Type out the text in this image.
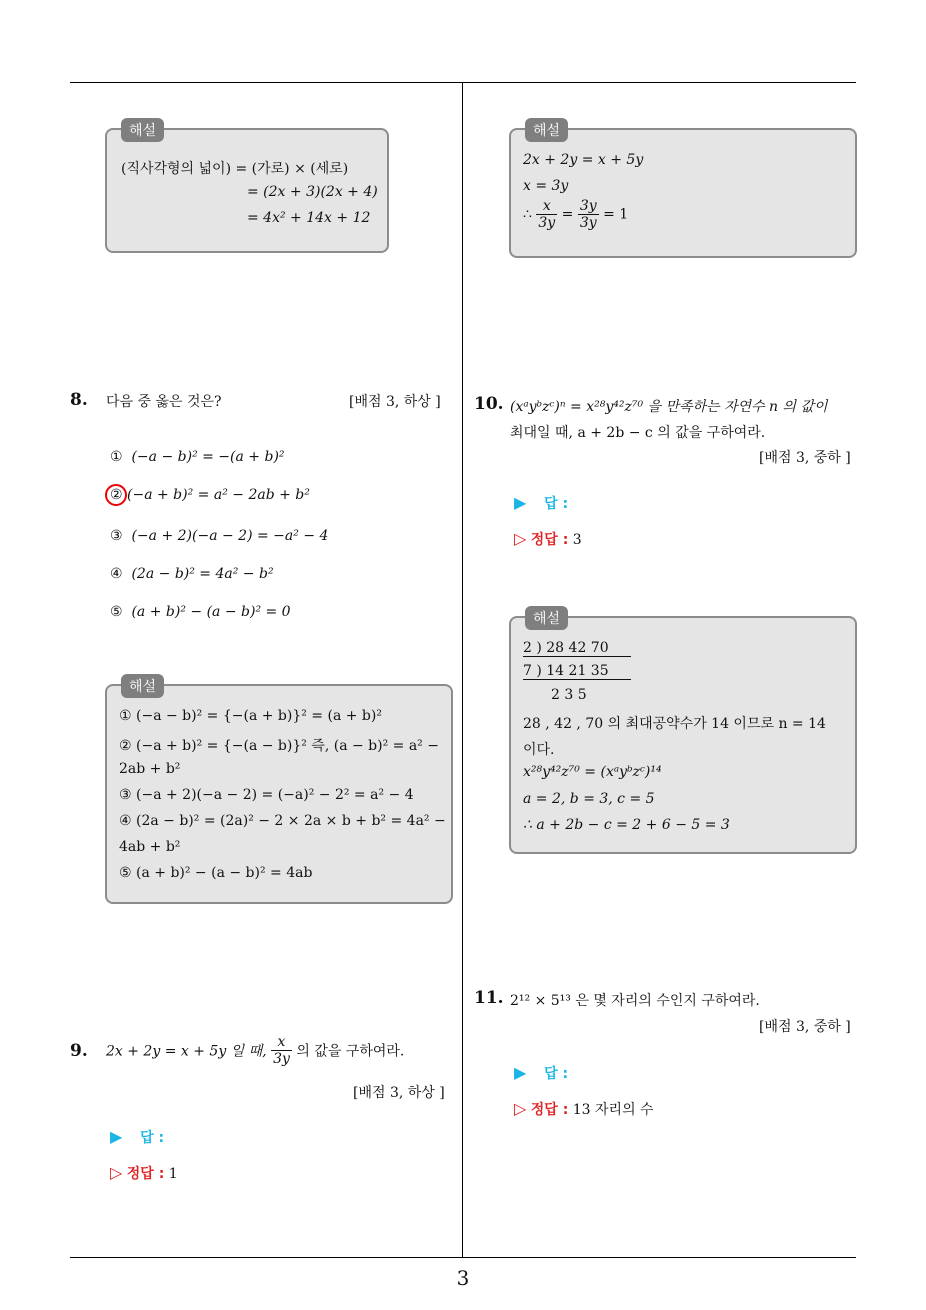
3
해설
(직사각형의 넓이) = (가로) × (세로)
= (2x + 3)(2x + 4)
= 4x² + 14x + 12
해설
2x + 2y = x + 5y
x = 3y
∴ $\frac{x}{3y} = \frac{3y}{3y} = 1$
8. 다음 중 옳은 것은?	[배점 3, 하상 ]
① (−a − b)² = −(a + b)²
② (−a + b)² = a² − 2ab + b²
③ (−a + 2)(−a − 2) = −a² − 4
④ (2a − b)² = 4a² − b²
⑤ (a + b)² − (a − b)² = 0
해설
① (−a − b)² = {−(a + b)}² = (a + b)²
② (−a + b)² = {−(a − b)}² 즉, (a − b)² = a² −
2ab + b²
③ (−a + 2)(−a − 2) = (−a)² − 2² = a² − 4
④ (2a − b)² = (2a)² − 2 × 2a × b + b² = 4a² −
4ab + b²
⑤ (a + b)² − (a − b)² = 4ab
9. 2x + 2y = x + 5y 일 때, $\frac{x}{3y}$ 의 값을 구하여라.
[배점 3, 하상 ]
▶ 답 :
▷ 정답 : 1
10. (xᵃyᵇzᶜ)ⁿ = x²⁸y⁴²z⁷⁰ 을 만족하는 자연수 n 의 값이
최대일 때, a + 2b − c 의 값을 구하여라.
[배점 3, 중하 ]
▶ 답 :
▷ 정답 : 3
해설
2 ) 28 42 70
7 ) 14 21 35
2 3 5
28 , 42 , 70 의 최대공약수가 14 이므로 n = 14
이다.
x²⁸y⁴²z⁷⁰ = (xᵃyᵇzᶜ)¹⁴
a = 2, b = 3, c = 5
∴ a + 2b − c = 2 + 6 − 5 = 3
11. 2¹² × 5¹³ 은 몇 자리의 수인지 구하여라.
[배점 3, 중하 ]
▶ 답 :
▷ 정답 : 13 자리의 수
